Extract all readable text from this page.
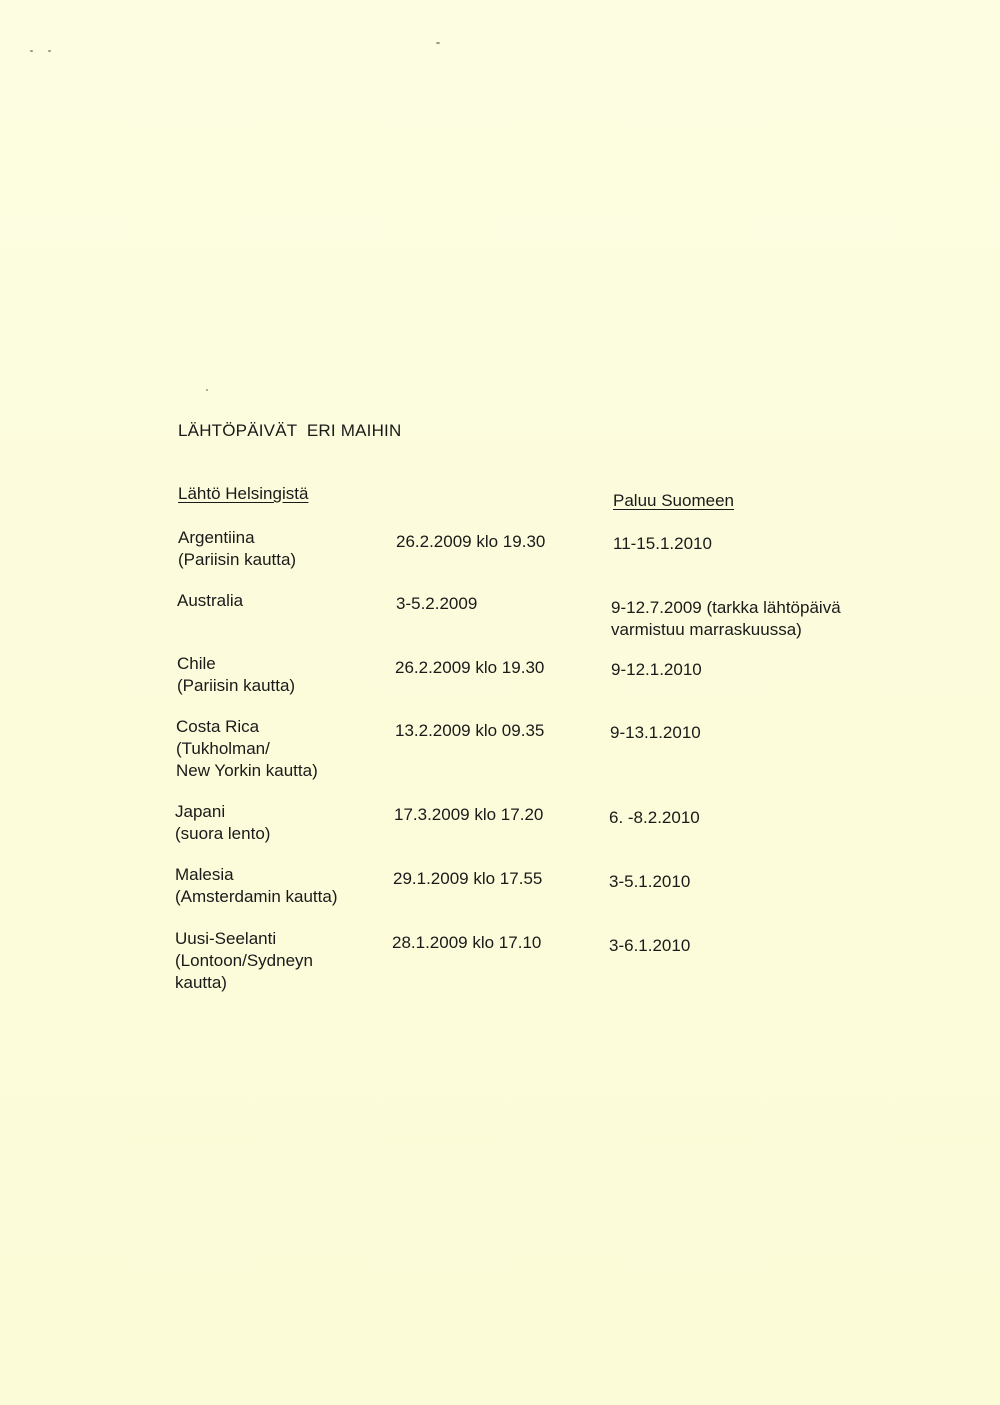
LÄHTÖPÄIVÄT  ERI MAIHIN
Lähtö Helsingistä	Paluu Suomeen
Argentiina
(Pariisin kautta)
26.2.2009 klo 19.30	11-15.1.2010
Australia	3-5.2.2009	9-12.7.2009 (tarkka lähtöpäivä
varmistuu marraskuussa)
Chile
(Pariisin kautta)
26.2.2009 klo 19.30	9-12.1.2010
Costa Rica
(Tukholman/
New Yorkin kautta)
13.2.2009 klo 09.35	9-13.1.2010
Japani
(suora lento)
17.3.2009 klo 17.20	6. -8.2.2010
Malesia
(Amsterdamin kautta)
29.1.2009 klo 17.55	3-5.1.2010
Uusi-Seelanti
(Lontoon/Sydneyn
kautta)
28.1.2009 klo 17.10	3-6.1.2010
